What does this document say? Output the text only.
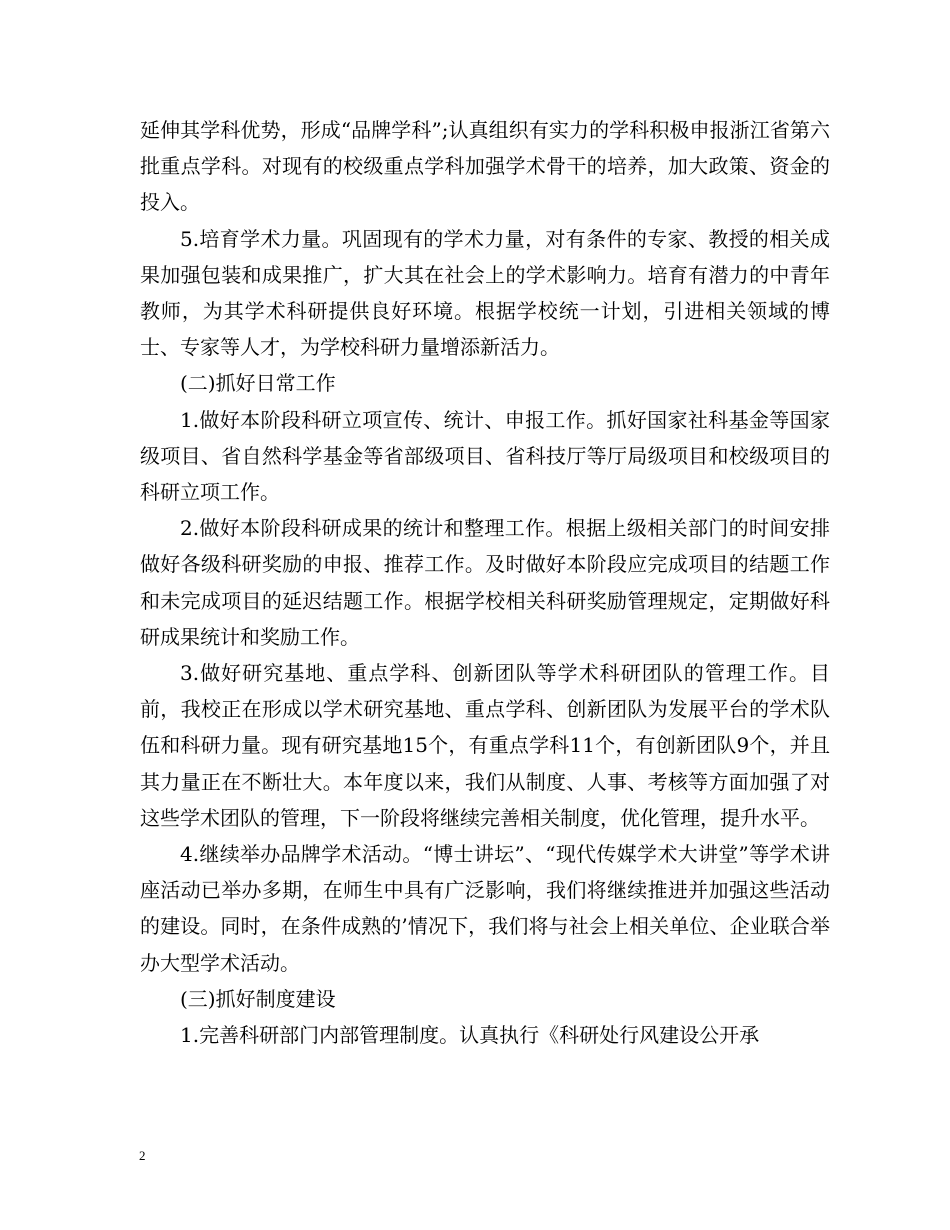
延伸其学科优势，形成“品牌学科”;认真组织有实力的学科积极申报浙江省第六批重点学科。对现有的校级重点学科加强学术骨干的培养，加大政策、资金的投入。

5.培育学术力量。巩固现有的学术力量，对有条件的专家、教授的相关成果加强包装和成果推广，扩大其在社会上的学术影响力。培育有潜力的中青年教师，为其学术科研提供良好环境。根据学校统一计划，引进相关领域的博士、专家等人才，为学校科研力量增添新活力。

(二)抓好日常工作

1.做好本阶段科研立项宣传、统计、申报工作。抓好国家社科基金等国家级项目、省自然科学基金等省部级项目、省科技厅等厅局级项目和校级项目的科研立项工作。

2.做好本阶段科研成果的统计和整理工作。根据上级相关部门的时间安排做好各级科研奖励的申报、推荐工作。及时做好本阶段应完成项目的结题工作和未完成项目的延迟结题工作。根据学校相关科研奖励管理规定，定期做好科研成果统计和奖励工作。

3.做好研究基地、重点学科、创新团队等学术科研团队的管理工作。目前，我校正在形成以学术研究基地、重点学科、创新团队为发展平台的学术队伍和科研力量。现有研究基地15个，有重点学科11个，有创新团队9个，并且其力量正在不断壮大。本年度以来，我们从制度、人事、考核等方面加强了对这些学术团队的管理，下一阶段将继续完善相关制度，优化管理，提升水平。

4.继续举办品牌学术活动。“博士讲坛”、“现代传媒学术大讲堂”等学术讲座活动已举办多期，在师生中具有广泛影响，我们将继续推进并加强这些活动的建设。同时，在条件成熟的’情况下，我们将与社会上相关单位、企业联合举办大型学术活动。

(三)抓好制度建设

1.完善科研部门内部管理制度。认真执行《科研处行风建设公开承

2
